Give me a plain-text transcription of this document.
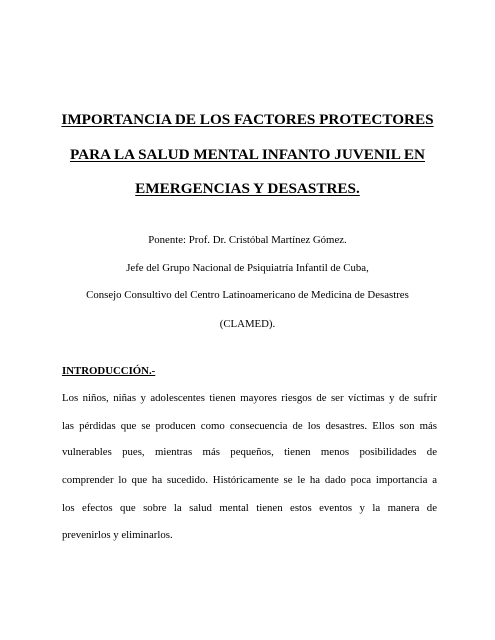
IMPORTANCIA DE LOS FACTORES PROTECTORES
PARA LA SALUD MENTAL INFANTO JUVENIL EN
EMERGENCIAS Y DESASTRES.
Ponente: Prof. Dr. Cristóbal Martínez Gómez.
Jefe del Grupo Nacional de Psiquiatría Infantil de Cuba,
Consejo Consultivo del Centro Latinoamericano de Medicina de Desastres
(CLAMED).
INTRODUCCIÓN.-
Los niños, niñas y adolescentes tienen mayores riesgos de ser víctimas y de sufrir
las pérdidas que se producen como consecuencia de los desastres. Ellos son más
vulnerables pues, mientras más pequeños, tienen menos posibilidades de
comprender lo que ha sucedido. Históricamente se le ha dado poca importancia a
los efectos que sobre la salud mental tienen estos eventos y la manera de
prevenirlos y eliminarlos.
